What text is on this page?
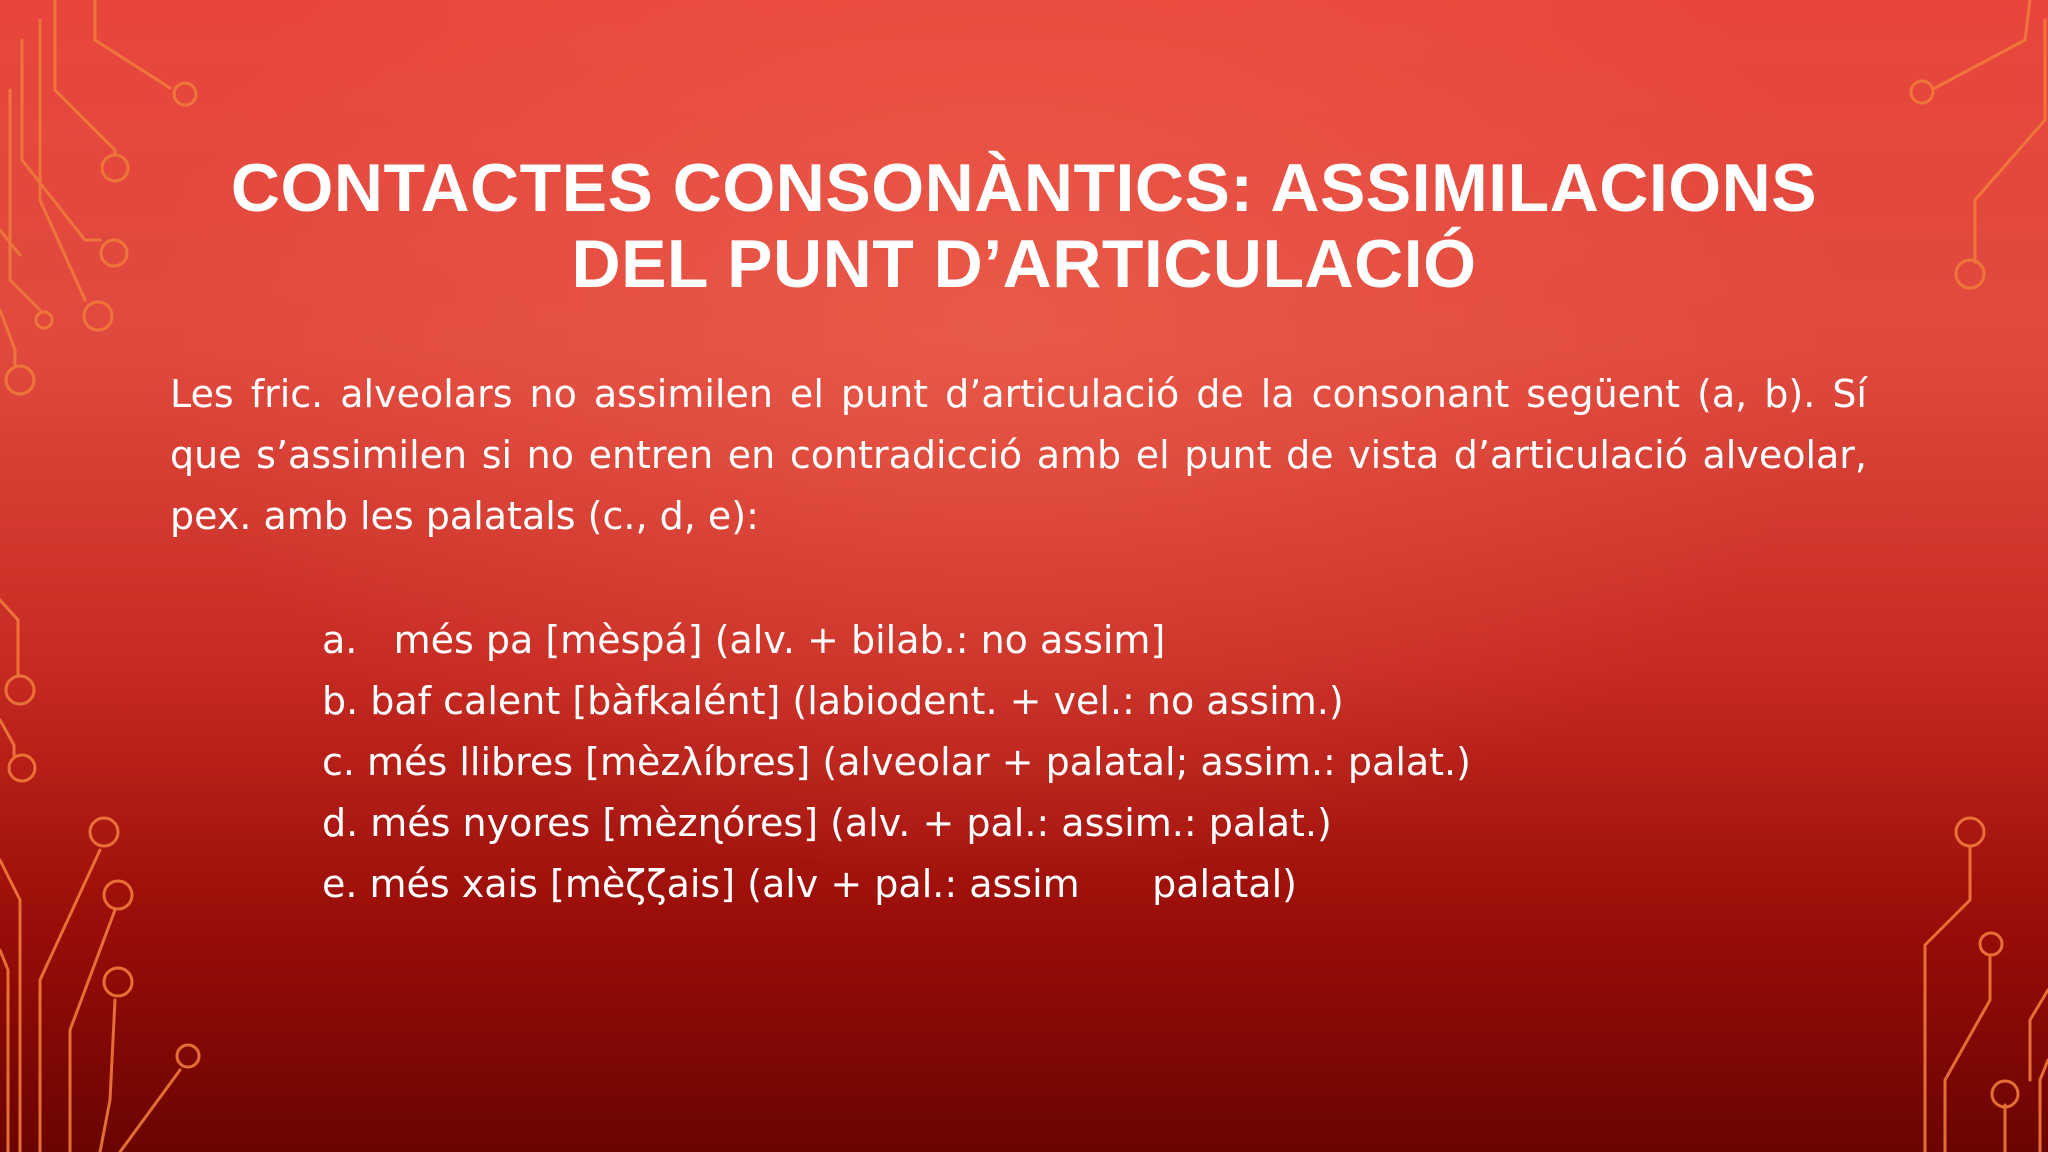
CONTACTES CONSONÀNTICS: ASSIMILACIONS
DEL PUNT D’ARTICULACIÓ

Les fric. alveolars no assimilen el punt d’articulació de la consonant següent (a, b). Sí que s’assimilen si no entren en contradicció amb el punt de vista d’articulació alveolar, pex. amb les palatals (c., d, e):

a.   més pa [mèspá] (alv. + bilab.: no assim]
b. baf calent [bàfkalént] (labiodent. + vel.: no assim.)
c. més llibres [mèzλíbres] (alveolar + palatal; assim.: palat.)
d. més nyores [mèzɳóres] (alv. + pal.: assim.: palat.)
e. més xais [mèζζais] (alv + pal.: assim      palatal)
